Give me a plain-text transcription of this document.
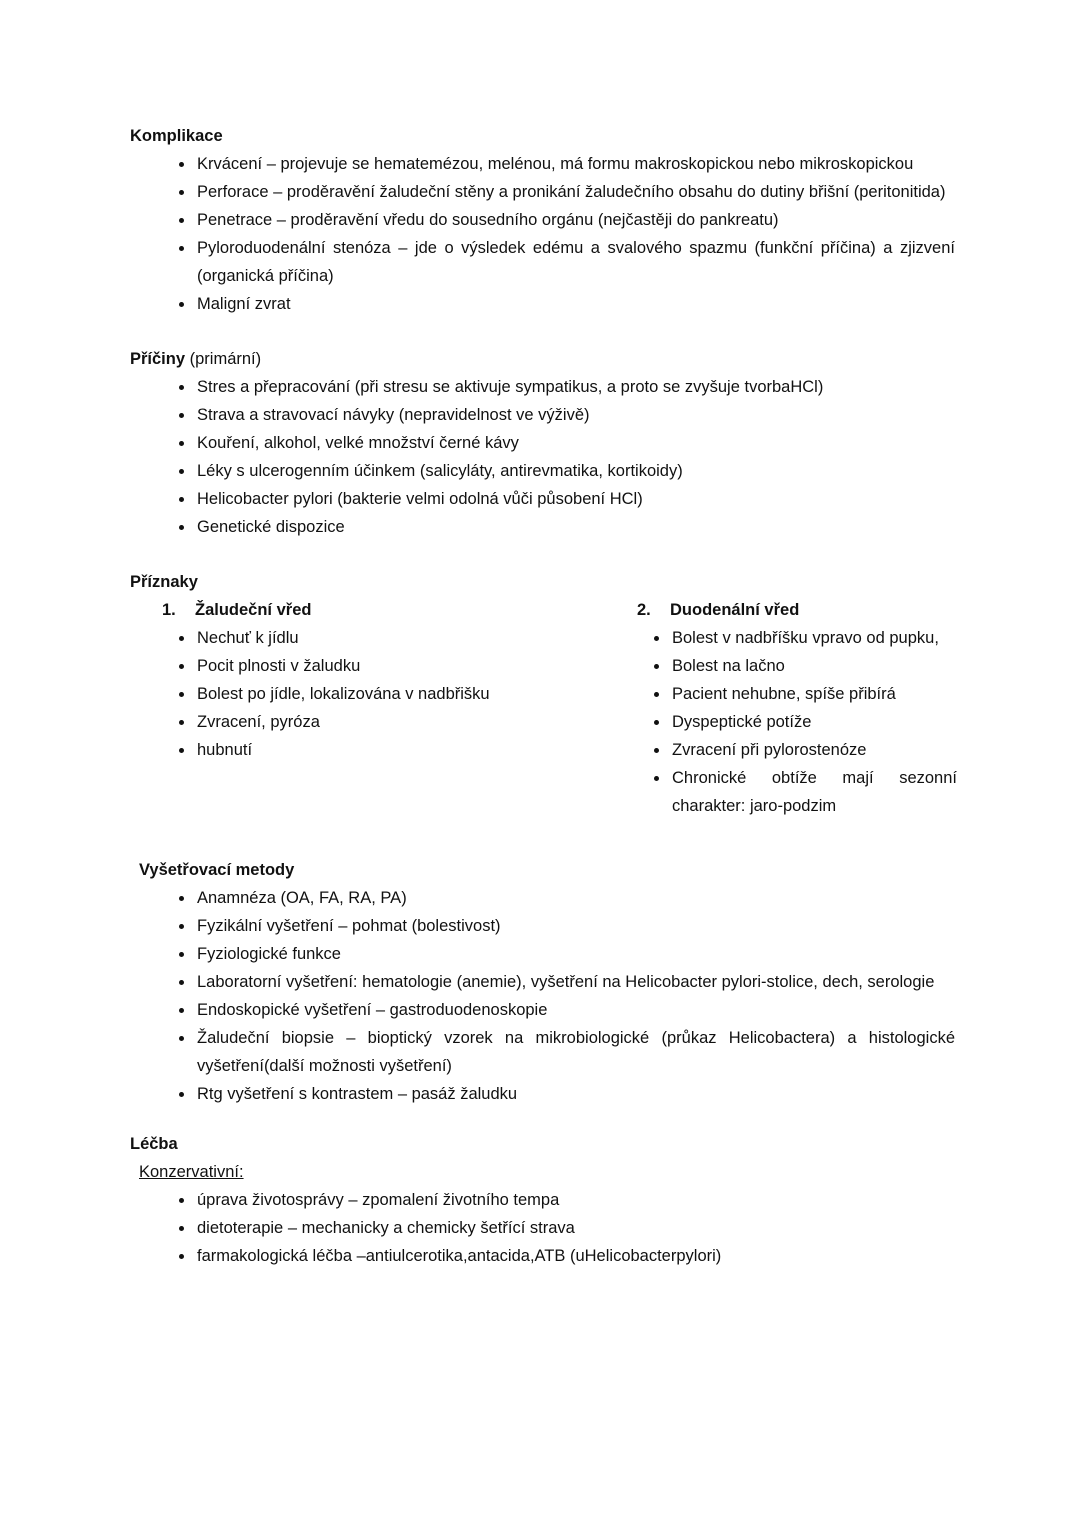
Komplikace
• Krvácení – projevuje se hematemézou, melénou, má formu makroskopickou nebo mikroskopickou
• Perforace – proděravění žaludeční stěny a pronikání žaludečního obsahu do dutiny břišní (peritonitida)
• Penetrace – proděravění vředu do sousedního orgánu (nejčastěji do pankreatu)
• Pyloroduodenální stenóza – jde o výsledek edému a svalového spazmu (funkční příčina) a zjizvení (organická příčina)
• Maligní zvrat
Příčiny (primární)
• Stres a přepracování (při stresu se aktivuje sympatikus, a proto se zvyšuje tvorbaHCl)
• Strava a stravovací návyky (nepravidelnost ve výživě)
• Kouření, alkohol, velké množství černé kávy
• Léky s ulcerogenním účinkem (salicyláty, antirevmatika, kortikoidy)
• Helicobacter pylori (bakterie velmi odolná vůči působení HCl)
• Genetické dispozice
Příznaky
1. Žaludeční vřed
• Nechuť k jídlu
• Pocit plnosti v žaludku
• Bolest po jídle, lokalizována v nadbřišku
• Zvracení, pyróza
• hubnutí
2. Duodenální vřed
• Bolest v nadbříšku vpravo od pupku,
• Bolest na lačno
• Pacient nehubne, spíše přibírá
• Dyspeptické potíže
• Zvracení při pylorostenóze
• Chronické obtíže mají sezonní charakter: jaro-podzim
Vyšetřovací metody
• Anamnéza (OA, FA, RA, PA)
• Fyzikální vyšetření – pohmat (bolestivost)
• Fyziologické funkce
• Laboratorní vyšetření: hematologie (anemie), vyšetření na Helicobacter pylori-stolice, dech, serologie
• Endoskopické vyšetření – gastroduodenoskopie
• Žaludeční biopsie – bioptický vzorek na mikrobiologické (průkaz Helicobactera) a histologické vyšetření(další možnosti vyšetření)
• Rtg vyšetření s kontrastem – pasáž žaludku
Léčba
Konzervativní:
• úprava životosprávy – zpomalení životního tempa
• dietoterapie – mechanicky a chemicky šetřící strava
• farmakologická léčba –antiulcerotika,antacida,ATB (uHelicobacterpylori)
